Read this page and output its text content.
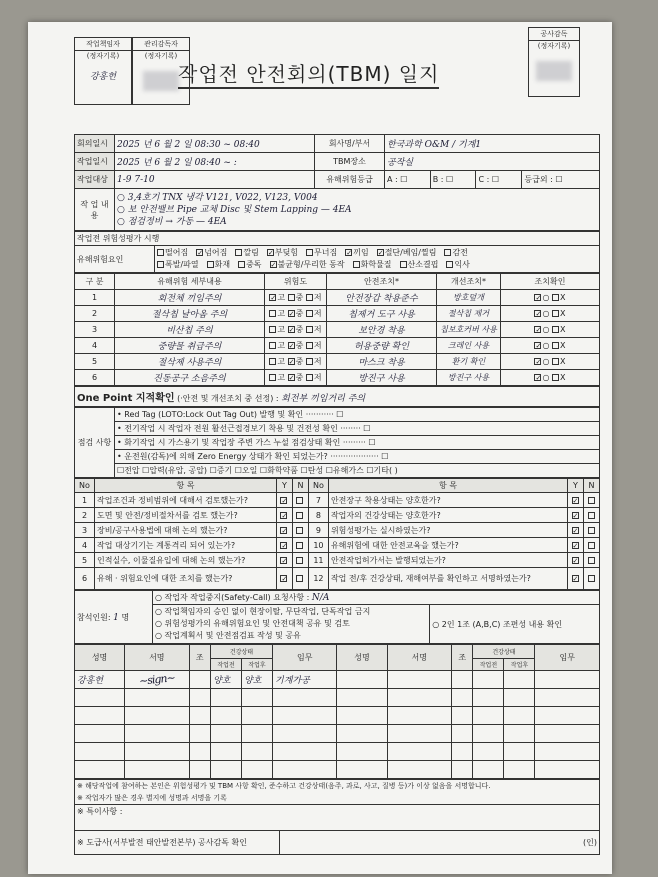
작업책임자
(정자기록)
강홍헌
관리감독자
(정자기록)
작업전 안전회의(TBM) 일지
공사감독
(정자기록)
회의일시	2025 년 6 월 2 일 08:30 ~ 08:40	회사명/부서	한국과학 O&M / 기계1			
작업일시	2025 년 6 월 2 일 08:40 ~ :	TBM장소	공작실			
작업대상	1-9 7-10	유해위험등급	A : ☐	B : ☐	C : ☐	등급외 : ☐
작 업 내 용	○ 3,4호기 TNX 냉각 V121, V022, V123, V004
○ 보 안전밸브 Pipe 교체 Disc 및 Stem Lapping — 4EA
○ 점검정비 → 가동 — 4EA					
작업전 위험성평가 시행
유해위험요인	떨어짐 ✓넘어짐 깔림 ✓부딪힘 무너짐 ✓끼임 ✓절단/베임/찔림 감전
폭발/파열 화재 중독 ✓불균형/무리한 동작 화학물질 산소결핍 익사
구 분	유해위험 세부내용	위험도	안전조치*	개선조치*	조치확인
1	회전체 끼임주의	✓고 중 저	안전장갑 착용준수	방호덮개	✓○ X
2	절삭칩 날아옴 주의	고 ✓중 저	칩제거 도구 사용	절삭칩 제거	✓○ X
3	비산칩 주의	고 ✓중 저	보안경 착용	칩보호커버 사용	✓○ X
4	중량물 취급주의	고 ✓중 저	허용중량 확인	크레인 사용	✓○ X
5	절삭제 사용주의	고 ✓중 저	마스크 착용	환기 확인	✓○ X
6	진동공구 소음주의	고 ✓중 저	방진구 사용	방진구 사용	✓○ X
One Point 지적확인 (·안전 및 개선조치 중 선정) : 회전부 끼임거리 주의
점검 사항	• Red Tag (LOTO:Lock Out Tag Out) 발행 및 확인 ··········· ☐
• 전기작업 시 작업자 전원 활선근접경보기 착용 및 건전성 확인 ········ ☐
• 화기작업 시 가스용기 및 작업장 주변 가스 누설 점검상태 확인 ········· ☐
• 운전원(감독)에 의해 Zero Energy 상태가 확인 되었는가? ··················· ☐
☐전압 ☐압력(유압, 공압) ☐증기 ☐오일 ☐화학약품 ☐탄성 ☐유해가스 ☐기타( )
No	항 목	Y	N	No	항 목	Y	N
1	작업조건과 정비범위에 대해서 검토했는가?	✓		7	안전장구 착용상태는 양호한가?	✓	
2	도면 및 안전/정비절차서를 검토 했는가?	✓		8	작업자의 건강상태는 양호한가?	✓	
3	장비/공구사용법에 대해 논의 했는가?	✓		9	위험성평가는 실시하였는가?	✓	
4	작업 대상기기는 계통격리 되어 있는가?	✓		10	유해위험에 대한 안전교육을 했는가?	✓	
5	인적실수, 이물질유입에 대해 논의 했는가?	✓		11	안전작업허가서는 발행되었는가?	✓	
6	유해 · 위험요인에 대한 조치를 했는가?	✓		12	작업 전/후 건강상태, 재해여부를 확인하고 서명하였는가?	✓	
참석인원: 1 명	○ 작업자 작업중지(Safety-Call) 요청사항 : N/A	

	○ 작업책임자의 승인 없이 현장이탈, 무단작업, 단독작업 금지
○ 위험성평가의 유해위험요인 및 안전대책 공유 및 검토
○ 작업계획서 및 안전점검표 작성 및 공유	○ 2인 1조 (A,B,C) 조편성 내용 확인
성명	서명	조	건강상태		임무	성명	서명	조	건강상태		임무
			작업전	작업후					작업전	작업후	
강홍헌	~sign~		양호	양호	기계가공						

※ 해당작업에 참여하는 본인은 위험성평가 및 TBM 사항 확인, 준수하고 건강상태(음주, 과로, 사고, 질병 등)가 이상 없음을 서명합니다.
※ 작업자가 많은 경우 별지에 성명과 서명을 기록
※ 특이사항 :
※ 도급사(서부발전 태안발전본부) 공사감독 확인	(인)
